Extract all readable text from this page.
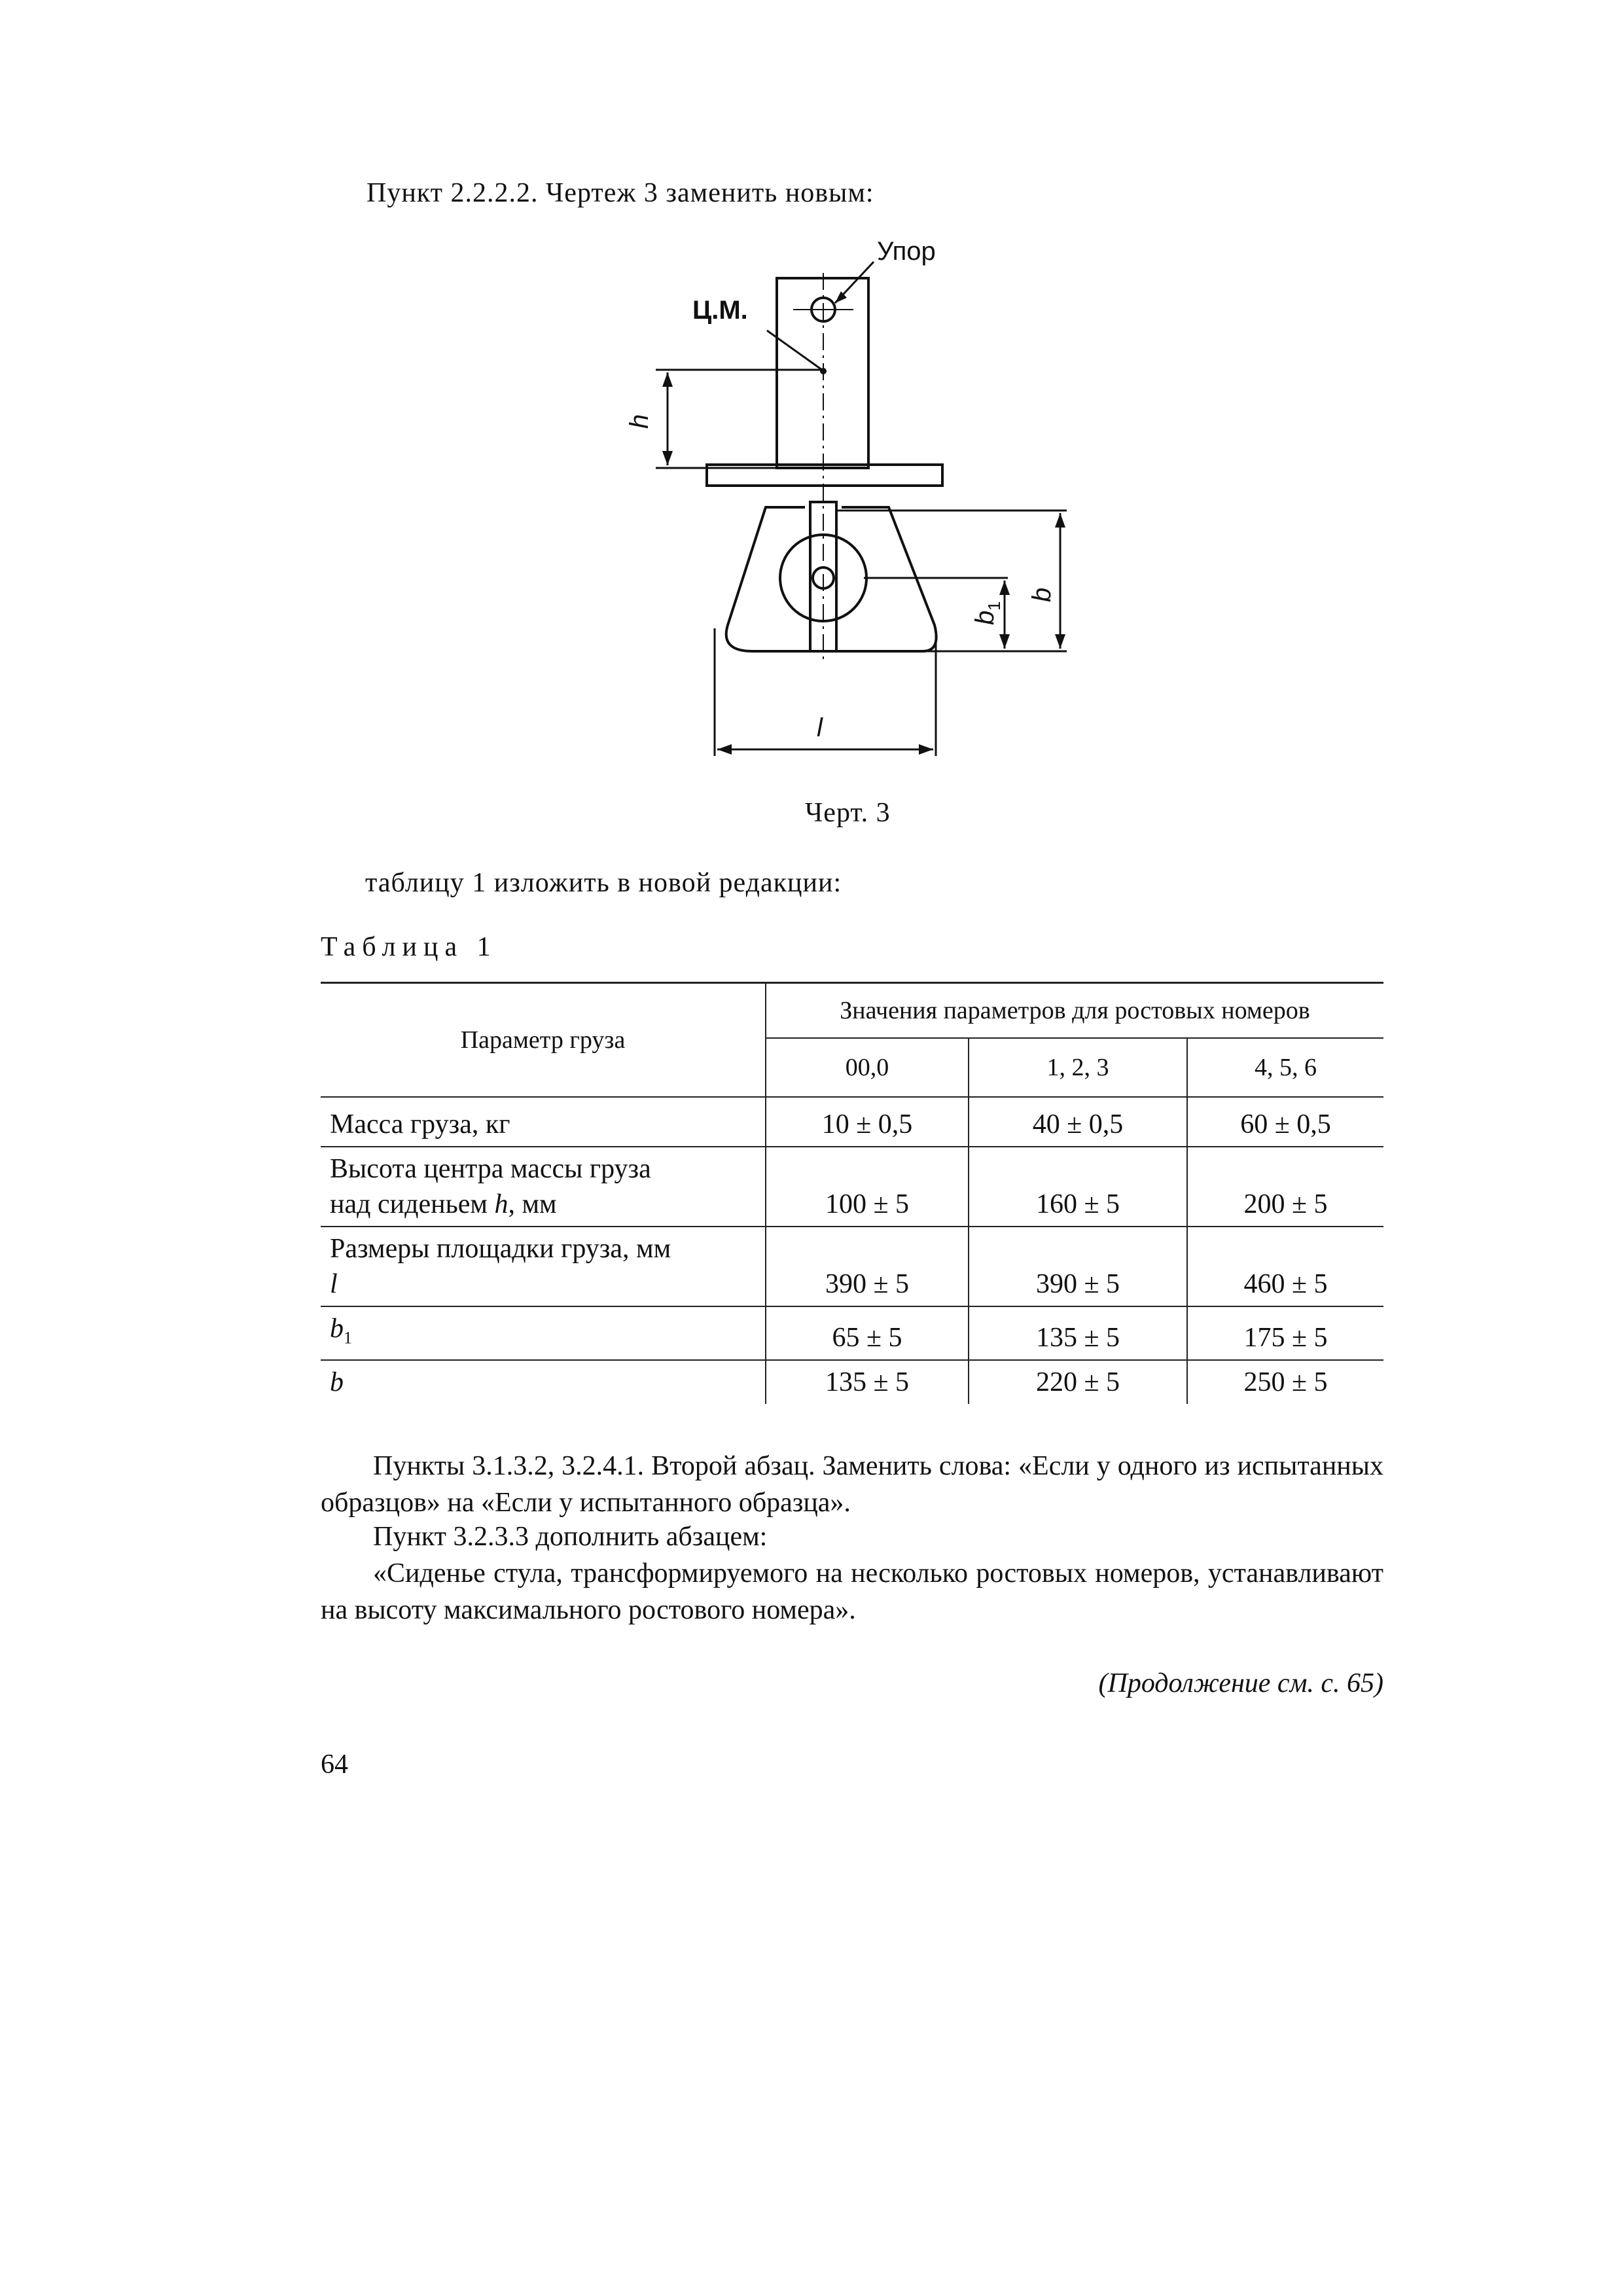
Пункт 2.2.2.2. Чертеж 3 заменить новым:
Упор
Ц.М.
h
b
1
b
l
Черт. 3
таблицу 1 изложить в новой редакции:
Таблица 1
Параметр груза	Значения параметров для ростовых номеров		
	00,0	1, 2, 3	4, 5, 6

Масса груза, кг	10 ± 0,5	40 ± 0,5	60 ± 0,5

Высота центра массы груза
над сиденьем h, мм	100 ± 5	160 ± 5	200 ± 5

Размеры площадки груза, мм
l	390 ± 5	390 ± 5	460 ± 5
$b_1$	65 ± 5	135 ± 5	175 ± 5
b	135 ± 5	220 ± 5	250 ± 5
Пункты 3.1.3.2, 3.2.4.1. Второй абзац. Заменить слова: «Если у одного из испытанных образцов» на «Если у испытанного образца».
Пункт 3.2.3.3 дополнить абзацем:
«Сиденье стула, трансформируемого на несколько ростовых номеров, устанавливают на высоту максимального ростового номера».
(Продолжение см. с. 65)
64
